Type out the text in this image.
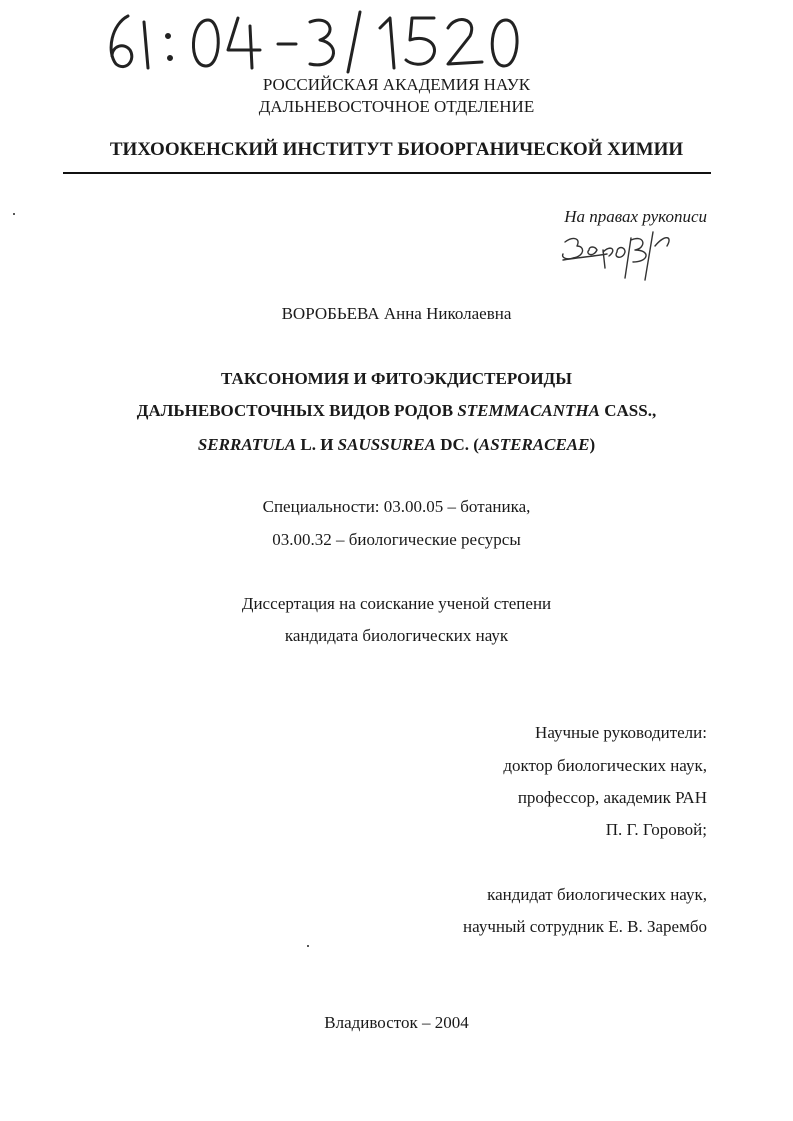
РОССИЙСКАЯ АКАДЕМИЯ НАУК
ДАЛЬНЕВОСТОЧНОЕ ОТДЕЛЕНИЕ
ТИХООКЕНСКИЙ ИНСТИТУТ БИООРГАНИЧЕСКОЙ ХИМИИ
На правах рукописи
ВОРОБЬЕВА Анна Николаевна
ТАКСОНОМИЯ И ФИТОЭКДИСТЕРОИДЫ
ДАЛЬНЕВОСТОЧНЫХ ВИДОВ РОДОВ STEMMACANTHA CASS.,
SERRATULA L. И SAUSSUREA DC. (ASTERACEAE)
Специальности: 03.00.05 – ботаника,
03.00.32 – биологические ресурсы
Диссертация на соискание ученой степени
кандидата биологических наук
Научные руководители:
доктор биологических наук,
профессор, академик РАН
П. Г. Горовой;
кандидат биологических наук,
научный сотрудник Е. В. Зарембо
Владивосток – 2004
